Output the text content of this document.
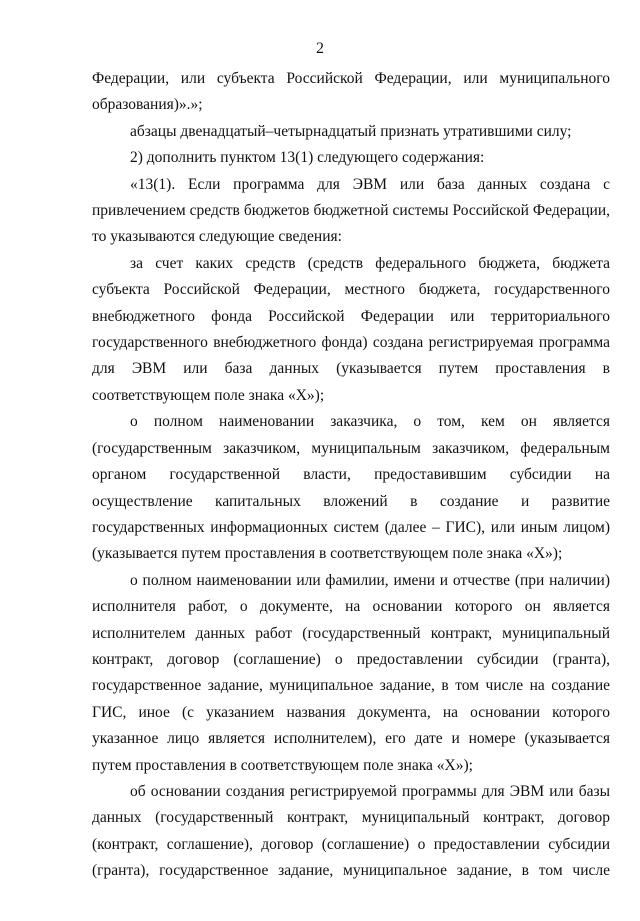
2

Федерации, или субъекта Российской Федерации, или муниципального образования)».»;

абзацы двенадцатый–четырнадцатый признать утратившими силу;

2) дополнить пунктом 13(1) следующего содержания:

«13(1). Если программа для ЭВМ или база данных создана с привлечением средств бюджетов бюджетной системы Российской Федерации, то указываются следующие сведения:

за счет каких средств (средств федерального бюджета, бюджета субъекта Российской Федерации, местного бюджета, государственного внебюджетного фонда Российской Федерации или территориального государственного внебюджетного фонда) создана регистрируемая программа для ЭВМ или база данных (указывается путем проставления в соответствующем поле знака «Х»);

о полном наименовании заказчика, о том, кем он является (государственным заказчиком, муниципальным заказчиком, федеральным органом государственной власти, предоставившим субсидии на осуществление капитальных вложений в создание и развитие государственных информационных систем (далее – ГИС), или иным лицом) (указывается путем проставления в соответствующем поле знака «Х»);

о полном наименовании или фамилии, имени и отчестве (при наличии) исполнителя работ, о документе, на основании которого он является исполнителем данных работ (государственный контракт, муниципальный контракт, договор (соглашение) о предоставлении субсидии (гранта), государственное задание, муниципальное задание, в том числе на создание ГИС, иное (с указанием названия документа, на основании которого указанное лицо является исполнителем), его дате и номере (указывается путем проставления в соответствующем поле знака «Х»);

об основании создания регистрируемой программы для ЭВМ или базы данных (государственный контракт, муниципальный контракт, договор (контракт, соглашение), договор (соглашение) о предоставлении субсидии (гранта), государственное задание, муниципальное задание, в том числе
